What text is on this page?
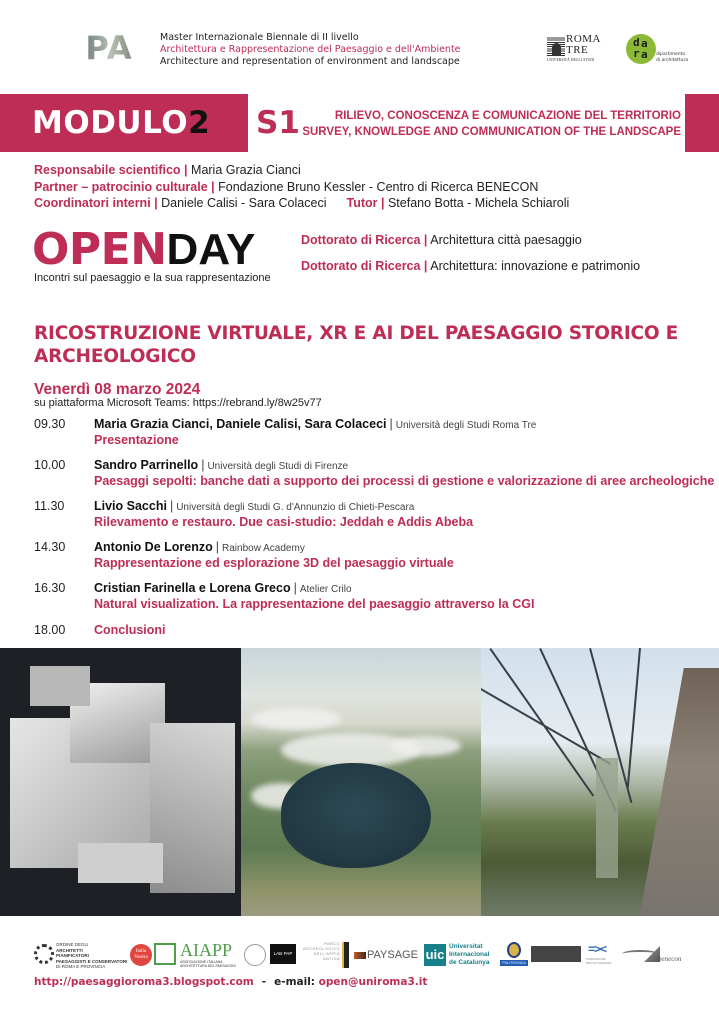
ЯAPA	Master Internazionale Biennale di II livello
Architettura e Rappresentazione del Paesaggio e dell'Ambiente
Architecture and representation of environment and landscape
ROMA
TRE
UNIVERSITÀ DEGLI STUDI
d a
r a dipartimento
di architettura
MODULO2 S1	RILIEVO, CONOSCENZA E COMUNICAZIONE DEL TERRITORIO
SURVEY, KNOWLEDGE AND COMMUNICATION OF THE LANDSCAPE
Responsabile scientifico | Maria Grazia Cianci
Partner – patrocinio culturale | Fondazione Bruno Kessler - Centro di Ricerca BENECON
Coordinatori interni | Daniele Calisi - Sara Colaceci Tutor | Stefano Botta - Michela Schiaroli
OPENDAY
Incontri sul paesaggio e la sua rappresentazione
Dottorato di Ricerca | Architettura città paesaggio
Dottorato di Ricerca | Architettura: innovazione e patrimonio
RICOSTRUZIONE VIRTUALE, XR E AI DEL PAESAGGIO STORICO E ARCHEOLOGICO
Venerdì 08 marzo 2024
su piattaforma Microsoft Teams: https://rebrand.ly/8w25v77
09.30	Maria Grazia Cianci, Daniele Calisi, Sara Colaceci | Università degli Studi Roma Tre
Presentazione
10.00	Sandro Parrinello | Università degli Studi di Firenze
Paesaggi sepolti: banche dati a supporto dei processi di gestione e valorizzazione di aree archeologiche
11.30	Livio Sacchi | Università degli Studi G. d'Annunzio di Chieti-Pescara
Rilevamento e restauro. Due casi-studio: Jeddah e Addis Abeba
14.30	Antonio De Lorenzo | Rainbow Academy
Rappresentazione ed esplorazione 3D del paesaggio virtuale
16.30	Cristian Farinella e Lorena Greco | Atelier Crilo
Natural visualization. La rappresentazione del paesaggio attraverso la CGI
18.00	Conclusioni
ORDINE DEGLI
ARCHITETTI
PIANIFICATORI
PAESAGGISTI E CONSERVATORI
DI ROMA E PROVINCIA
Italia Nostra AIAPP
ASSOCIAZIONE ITALIANA ARCHITETTURA DEL PAESAGGIO
LAB·PAP
PARCO
ARCHEOLOGICO
DELL'APPIA
ANTICA PAYSAGE uic
Universitat
Internacional
de Catalunya	POLITECNICA
=><
FONDAZIONE BRUNO KESSLER	benecon
http://paesaggioroma3.blogspot.com - e-mail: open@uniroma3.it
